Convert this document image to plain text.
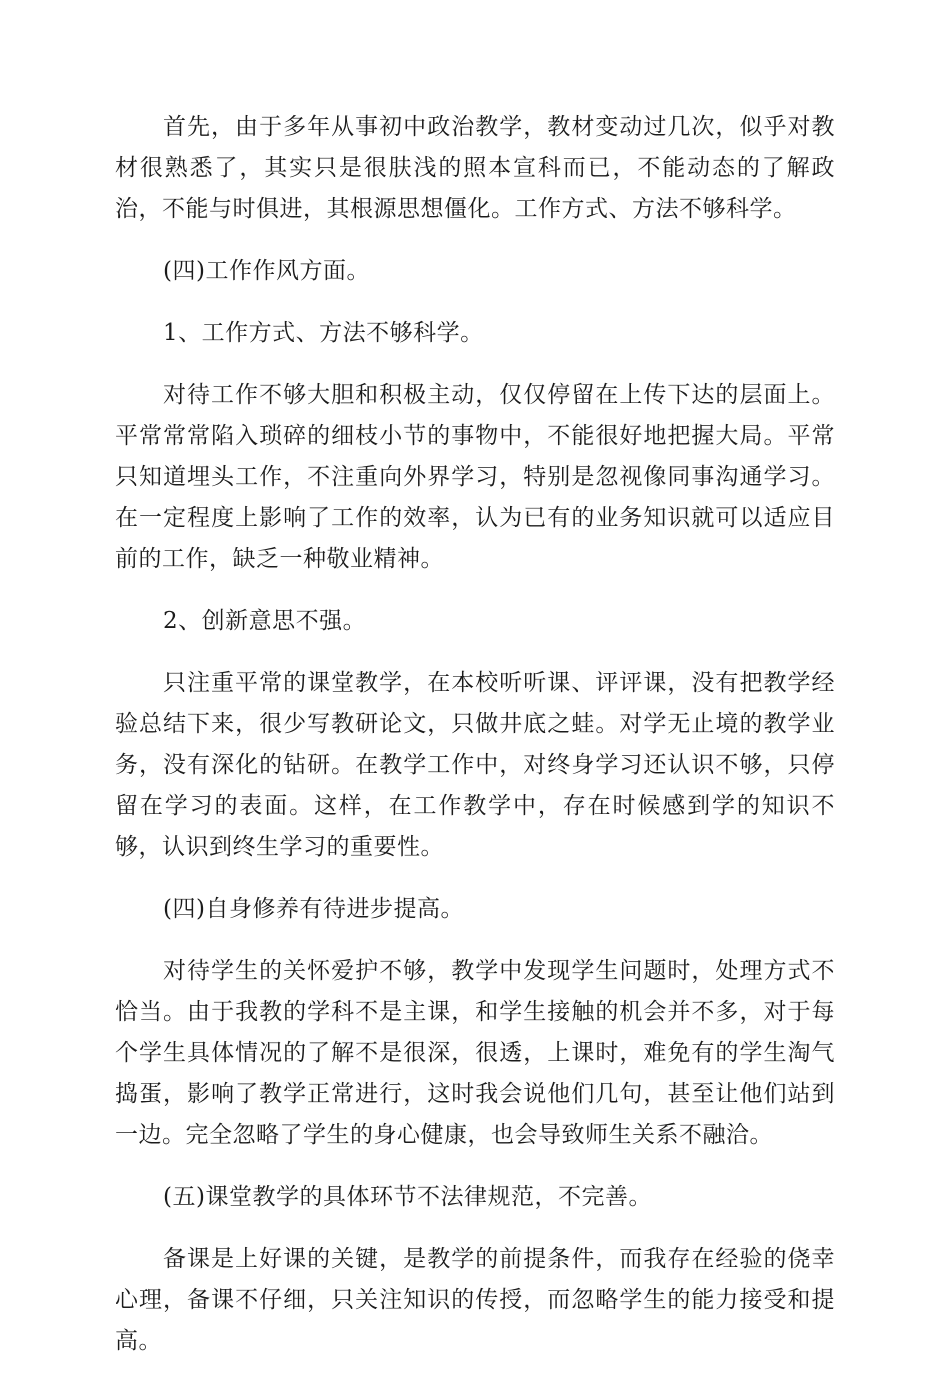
首先，由于多年从事初中政治教学，教材变动过几次，似乎对教材很熟悉了，其实只是很肤浅的照本宣科而已，不能动态的了解政治，不能与时俱进，其根源思想僵化。工作方式、方法不够科学。

(四)工作作风方面。

1、工作方式、方法不够科学。

对待工作不够大胆和积极主动，仅仅停留在上传下达的层面上。平常常常陷入琐碎的细枝小节的事物中，不能很好地把握大局。平常只知道埋头工作，不注重向外界学习，特别是忽视像同事沟通学习。在一定程度上影响了工作的效率，认为已有的业务知识就可以适应目前的工作，缺乏一种敬业精神。

2、创新意思不强。

只注重平常的课堂教学，在本校听听课、评评课，没有把教学经验总结下来，很少写教研论文，只做井底之蛙。对学无止境的教学业务，没有深化的钻研。在教学工作中，对终身学习还认识不够，只停留在学习的表面。这样，在工作教学中，存在时候感到学的知识不够，认识到终生学习的重要性。

(四)自身修养有待进步提高。

对待学生的关怀爱护不够，教学中发现学生问题时，处理方式不恰当。由于我教的学科不是主课，和学生接触的机会并不多，对于每个学生具体情况的了解不是很深，很透，上课时，难免有的学生淘气捣蛋，影响了教学正常进行，这时我会说他们几句，甚至让他们站到一边。完全忽略了学生的身心健康，也会导致师生关系不融洽。

(五)课堂教学的具体环节不法律规范，不完善。

备课是上好课的关键，是教学的前提条件，而我存在经验的侥幸心理，备课不仔细，只关注知识的传授，而忽略学生的能力接受和提高。
